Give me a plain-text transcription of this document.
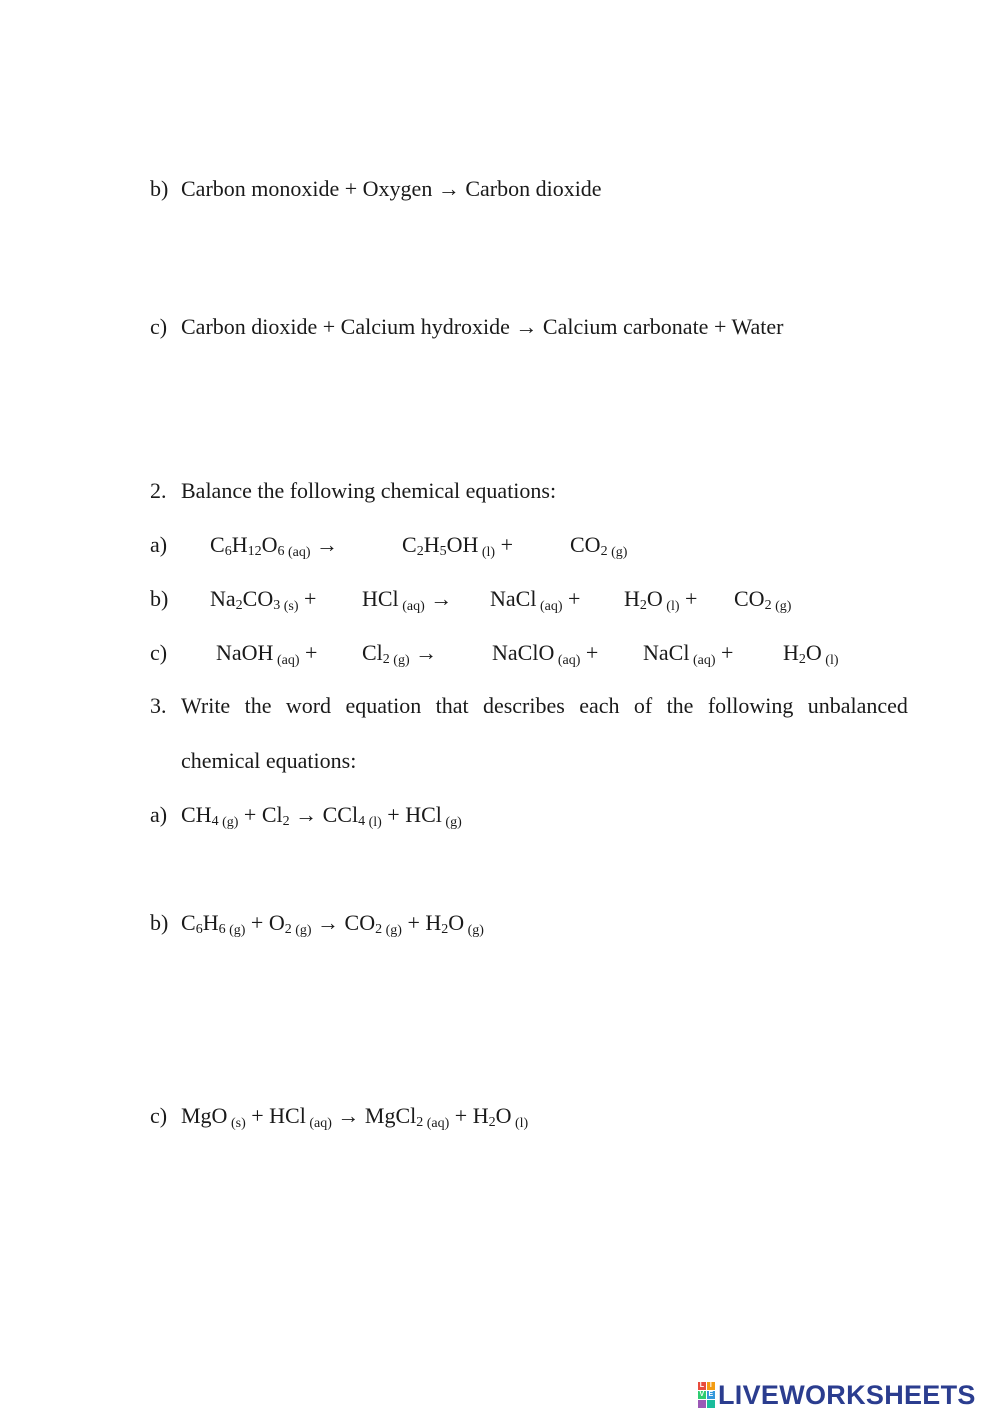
b) Carbon monoxide + Oxygen → Carbon dioxide
c) Carbon dioxide + Calcium hydroxide → Calcium carbonate + Water
2. Balance the following chemical equations:
a) $C_6H_{12}O_6$ (aq) →	$C_2H_5OH$ (l) +	$CO_2$ (g)
b) $Na_2CO_3$ (s) + HCl (aq) → NaCl $(aq) + H_2O$ $(l) + CO_2$ (g)
c) NaOH $(aq) + Cl_2$ (g) → NaClO (aq) + NaCl $(aq) + H_2O$ (l)
3. Write the word equation that describes each of the following unbalanced
chemical equations:
a) $CH_4$ $(g) + Cl_2 \to CCl_4$ (l) + HCl (g)
b) $C_6H_6$ $(g) + O_2$ $(g) \to CO_2$ $(g) + H_2O$ (g)
c) MgO (s) + HCl (aq) → MgCl$_2$ $(aq) + H_2O$ (l)
L I
V E LIVEWORKSHEETS
